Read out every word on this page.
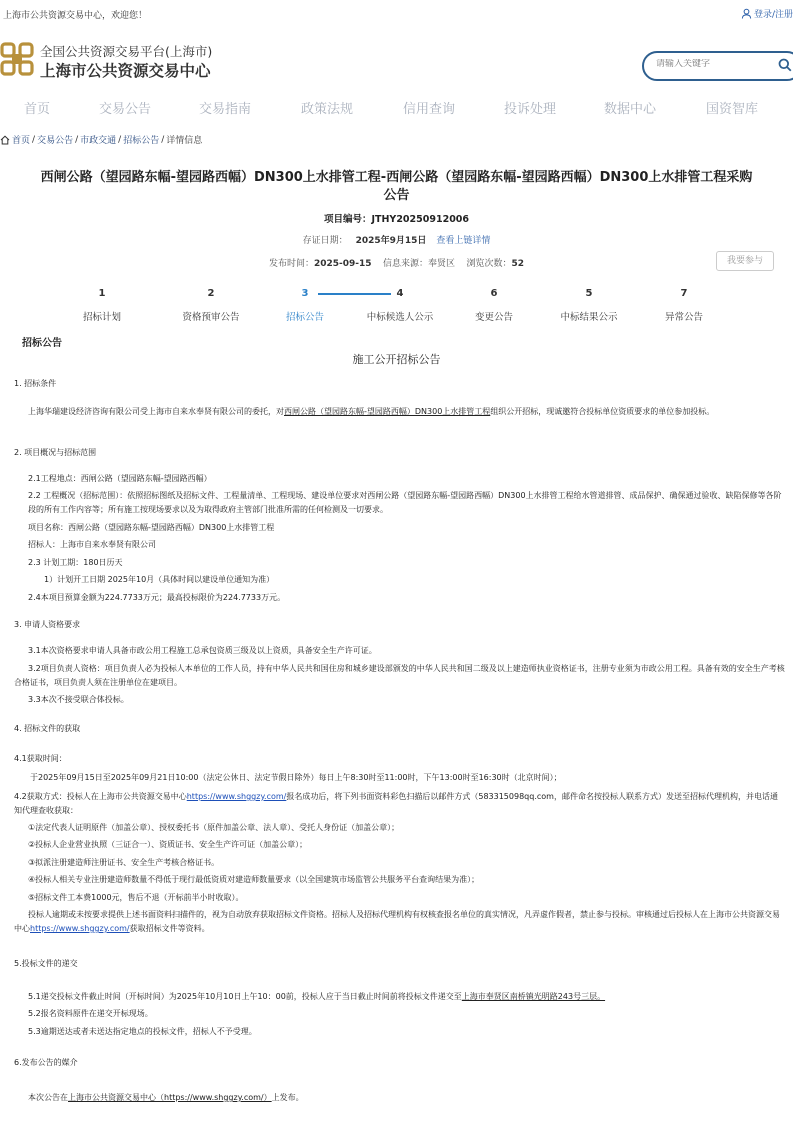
上海市公共资源交易中心，欢迎您！	登录/注册
全国公共资源交易平台(上海市)
上海市公共资源交易中心
请输入关键字
首页	交易公告	交易指南	政策法规	信用查询	投诉处理	数据中心	国资智库
首页 / 交易公告 / 市政交通 / 招标公告 / 详情信息
西闸公路（望园路东幅-望园路西幅）DN300上水排管工程-西闸公路（望园路东幅-望园路西幅）DN300上水排管工程采购公告
项目编号：JTHY20250912006
存证日期： 2025年9月15日 查看上链详情
发布时间：2025-09-15 信息来源：奉贤区 浏览次数：52	我要参与
1
招标计划
2
资格预审公告
3
招标公告
4
中标候选人公示
6
变更公告
5
中标结果公示
7
异常公告
招标公告
施工公开招标公告
1. 招标条件
上海华瑞建设经济咨询有限公司受上海市自来水奉贤有限公司的委托，对西闸公路（望园路东幅-望园路西幅）DN300上水排管工程组织公开招标，现诚邀符合投标单位资质要求的单位参加投标。
2. 项目概况与招标范围
2.1工程地点：西闸公路（望园路东幅-望园路西幅）
2.2 工程概况（招标范围）：依照招标图纸及招标文件、工程量清单、工程现场、建设单位要求对西闸公路（望园路东幅-望园路西幅）DN300上水排管工程给水管道排管、成品保护、确保通过验收、缺陷保修等各阶段的所有工作内容等；所有施工按现场要求以及为取得政府主管部门批准所需的任何检测及一切要求。
项目名称：西闸公路（望园路东幅-望园路西幅）DN300上水排管工程
招标人：上海市自来水奉贤有限公司
2.3 计划工期：180日历天
1）计划开工日期 2025年10月（具体时间以建设单位通知为准）
2.4本项目预算金额为224.7733万元；最高投标限价为224.7733万元。
3. 申请人资格要求
3.1本次资格要求申请人具备市政公用工程施工总承包资质三级及以上资质，具备安全生产许可证。
3.2项目负责人资格：项目负责人必为投标人本单位的工作人员，持有中华人民共和国住房和城乡建设部颁发的中华人民共和国二级及以上建造师执业资格证书，注册专业须为市政公用工程。具备有效的安全生产考核合格证书，项目负责人须在注册单位在建项目。
3.3本次不接受联合体投标。
4. 招标文件的获取
4.1获取时间：
于2025年09月15日至2025年09月21日10:00（法定公休日、法定节假日除外）每日上午8:30时至11:00时，下午13:00时至16:30时（北京时间）；
4.2获取方式：投标人在上海市公共资源交易中心https://www.shggzy.com/报名成功后，将下列书面资料彩色扫描后以邮件方式（583315098qq.com，邮件命名按投标人联系方式）发送至招标代理机构，并电话通知代理查收获取：
①法定代表人证明原件（加盖公章）、授权委托书（原件加盖公章、法人章）、受托人身份证（加盖公章）；
②投标人企业营业执照（三证合一）、资质证书、安全生产许可证（加盖公章）；
③拟派注册建造师注册证书、安全生产考核合格证书。
④投标人相关专业注册建造师数量不得低于现行最低资质对建造师数量要求（以全国建筑市场监管公共服务平台查询结果为准）；
⑤招标文件工本费1000元，售后不退（开标前半小时收取）。
投标人逾期或未按要求提供上述书面资料扫描件的，视为自动放弃获取招标文件资格。招标人及招标代理机构有权核查报名单位的真实情况，凡弄虚作假者，禁止参与投标。审核通过后投标人在上海市公共资源交易中心https://www.shggzy.com/获取招标文件等资料。
5.投标文件的递交
5.1递交投标文件截止时间（开标时间）为2025年10月10日上午10：00前，投标人应于当日截止时间前将投标文件递交至上海市奉贤区南桥镇光明路243号三层。
5.2报名资料原件在递交开标现场。
5.3逾期送达或者未送达指定地点的投标文件，招标人不予受理。
6.发布公告的媒介
本次公告在上海市公共资源交易中心（https://www.shggzy.com/）上发布。
